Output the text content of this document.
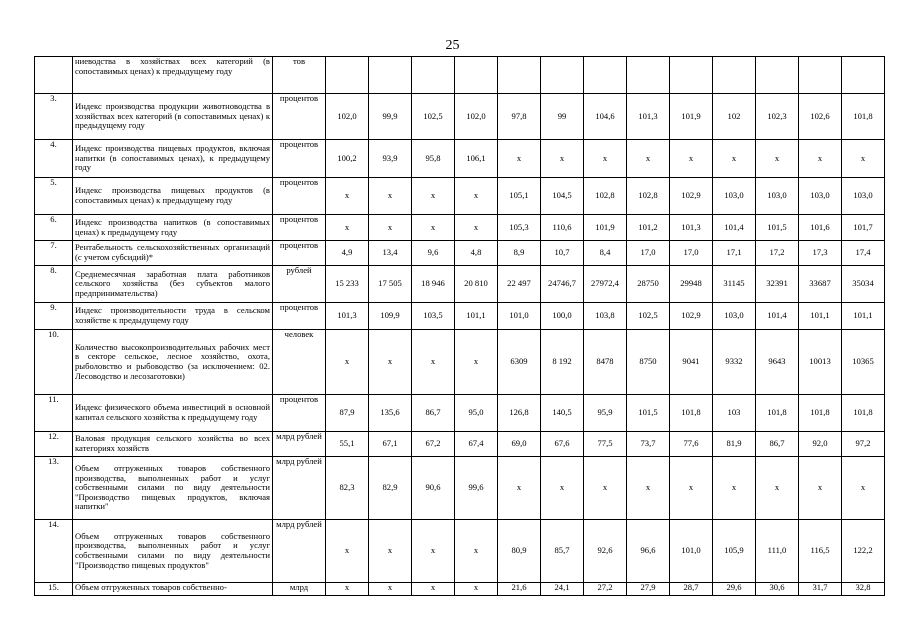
25
	ниеводства в хозяйствах всех категорий (в сопоставимых ценах) к предыдущему году	тов													
3.	Индекс производства продукции животноводства в хозяйствах всех категорий (в сопоставимых ценах) к предыдущему году	процентов	102,0	99,9	102,5	102,0	97,8	99	104,6	101,3	101,9	102	102,3	102,6	101,8
4.	Индекс производства пищевых продуктов, включая напитки (в сопоставимых ценах), к предыдущему году	процентов	100,2	93,9	95,8	106,1	х	х	х	х	х	х	х	х	х
5.	Индекс производства пищевых продуктов (в сопоставимых ценах) к предыдущему году	процентов	х	х	х	х	105,1	104,5	102,8	102,8	102,9	103,0	103,0	103,0	103,0
6.	Индекс производства напитков (в сопоставимых ценах) к предыдущему году	процентов	х	х	х	х	105,3	110,6	101,9	101,2	101,3	101,4	101,5	101,6	101,7
7.	Рентабельность сельскохозяйственных организаций (с учетом субсидий)*	процентов	4,9	13,4	9,6	4,8	8,9	10,7	8,4	17,0	17,0	17,1	17,2	17,3	17,4
8.	Среднемесячная заработная плата работников сельского хозяйства (без субъектов малого предпринимательства)	рублей	15 233	17 505	18 946	20 810	22 497	24746,7	27972,4	28750	29948	31145	32391	33687	35034
9.	Индекс производительности труда в сельском хозяйстве к предыдущему году	процентов	101,3	109,9	103,5	101,1	101,0	100,0	103,8	102,5	102,9	103,0	101,4	101,1	101,1
10.	Количество высокопроизводительных рабочих мест в секторе сельское, лесное хозяйство, охота, рыболовство и рыбоводство (за исключением: 02. Лесоводство и лесозаготовки)	человек	х	х	х	х	6309	8 192	8478	8750	9041	9332	9643	10013	10365
11.	Индекс физического объема инвестиций в основной капитал сельского хозяйства к предыдущему году	процентов	87,9	135,6	86,7	95,0	126,8	140,5	95,9	101,5	101,8	103	101,8	101,8	101,8
12.	Валовая продукция сельского хозяйства во всех категориях хозяйств	млрд рублей	55,1	67,1	67,2	67,4	69,0	67,6	77,5	73,7	77,6	81,9	86,7	92,0	97,2
13.	Объем отгруженных товаров собственного производства, выполненных работ и услуг собственными силами по виду деятельности "Производство пищевых продуктов, включая напитки"	млрд рублей	82,3	82,9	90,6	99,6	х	х	х	х	х	х	х	х	х
14.	Объем отгруженных товаров собственного производства, выполненных работ и услуг собственными силами по виду деятельности "Производство пищевых продуктов"	млрд рублей	х	х	х	х	80,9	85,7	92,6	96,6	101,0	105,9	111,0	116,5	122,2
15.	Объем отгруженных товаров собственно-	млрд	х	х	х	х	21,6	24,1	27,2	27,9	28,7	29,6	30,6	31,7	32,8
